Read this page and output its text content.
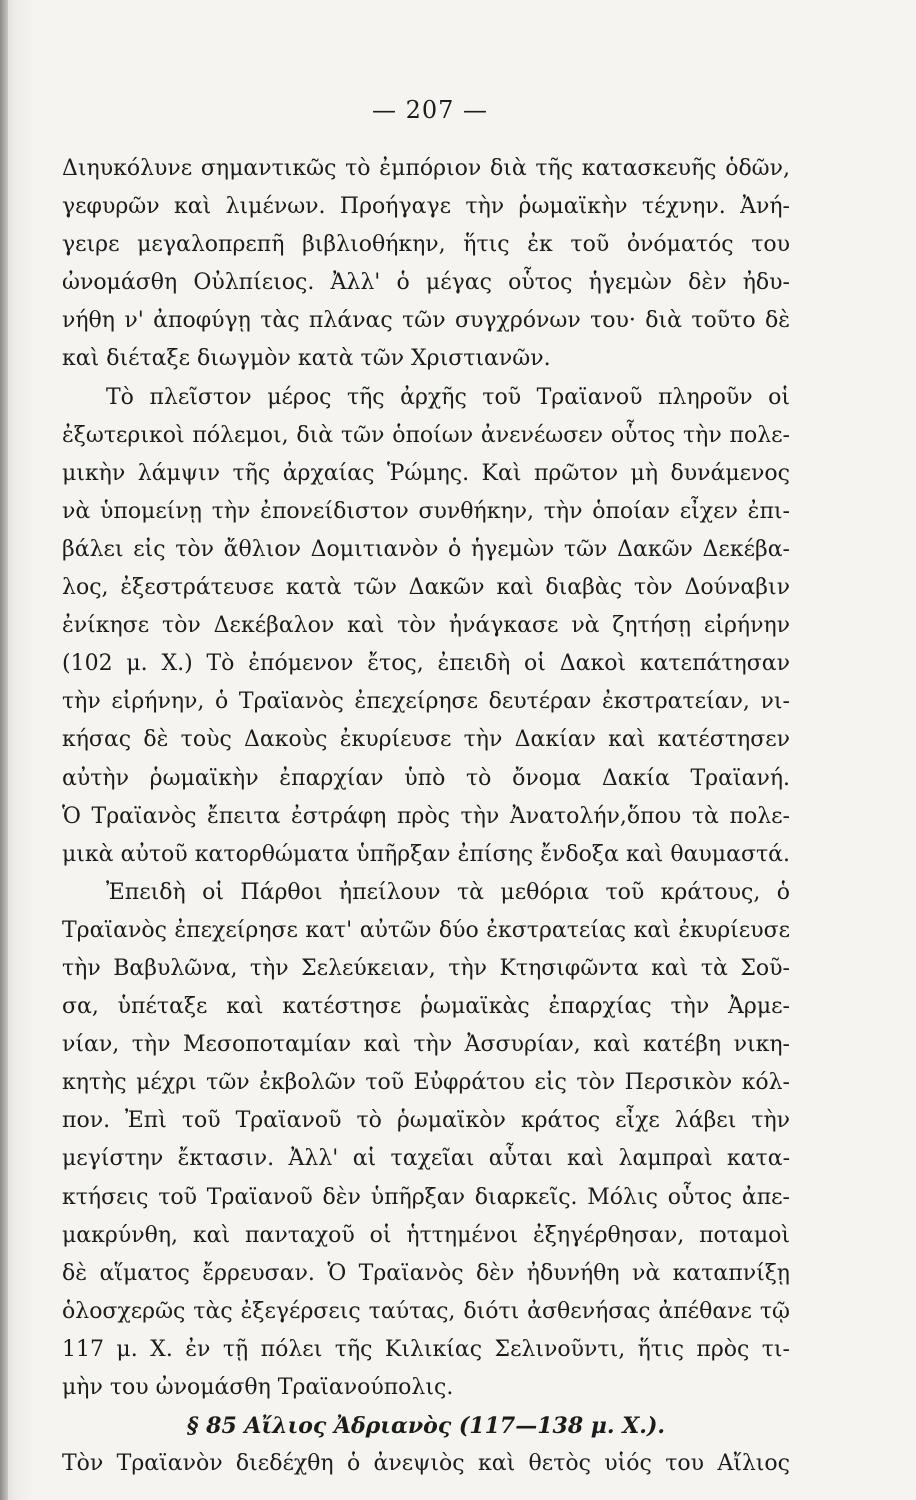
— 207 —
Διηυκόλυνε σημαντικῶς τὸ ἐμπόριον διὰ τῆς κατασκευῆς ὁδῶν,
γεφυρῶν καὶ λιμένων. Προήγαγε τὴν ῥωμαϊκὴν τέχνην. Ἀνή-
γειρε μεγαλοπρεπῆ βιβλιοθήκην, ἥτις ἐκ τοῦ ὀνόματός του
ὠνομάσθη Οὐλπίειος. Ἀλλ' ὁ μέγας οὗτος ἡγεμὼν δὲν ἠδυ-
νήθη ν' ἀποφύγῃ τὰς πλάνας τῶν συγχρόνων του· διὰ τοῦτο δὲ
καὶ διέταξε διωγμὸν κατὰ τῶν Χριστιανῶν.
Τὸ πλεῖστον μέρος τῆς ἀρχῆς τοῦ Τραϊανοῦ πληροῦν οἱ
ἐξωτερικοὶ πόλεμοι, διὰ τῶν ὁποίων ἀνενέωσεν οὗτος τὴν πολε-
μικὴν λάμψιν τῆς ἀρχαίας Ῥώμης. Καὶ πρῶτον μὴ δυνάμενος
νὰ ὑπομείνῃ τὴν ἐπονείδιστον συνθήκην, τὴν ὁποίαν εἶχεν ἐπι-
βάλει εἰς τὸν ἄθλιον Δομιτιανὸν ὁ ἡγεμὼν τῶν Δακῶν Δεκέβα-
λος, ἐξεστράτευσε κατὰ τῶν Δακῶν καὶ διαβὰς τὸν Δούναβιν
ἐνίκησε τὸν Δεκέβαλον καὶ τὸν ἠνάγκασε νὰ ζητήσῃ εἰρήνην
(102 μ. Χ.) Τὸ ἐπόμενον ἔτος, ἐπειδὴ οἱ Δακοὶ κατεπάτησαν
τὴν εἰρήνην, ὁ Τραϊανὸς ἐπεχείρησε δευτέραν ἐκστρατείαν, νι-
κήσας δὲ τοὺς Δακοὺς ἐκυρίευσε τὴν Δακίαν καὶ κατέστησεν
αὐτὴν ῥωμαϊκὴν ἐπαρχίαν ὑπὸ τὸ ὄνομα Δακία Τραϊανή.
Ὁ Τραϊανὸς ἔπειτα ἐστράφη πρὸς τὴν Ἀνατολήν,ὅπου τὰ πολε-
μικὰ αὐτοῦ κατορθώματα ὑπῆρξαν ἐπίσης ἔνδοξα καὶ θαυμαστά.
Ἐπειδὴ οἱ Πάρθοι ἠπείλουν τὰ μεθόρια τοῦ κράτους, ὁ
Τραϊανὸς ἐπεχείρησε κατ' αὐτῶν δύο ἐκστρατείας καὶ ἐκυρίευσε
τὴν Βαβυλῶνα, τὴν Σελεύκειαν, τὴν Κτησιφῶντα καὶ τὰ Σοῦ-
σα, ὑπέταξε καὶ κατέστησε ῥωμαϊκὰς ἐπαρχίας τὴν Ἀρμε-
νίαν, τὴν Μεσοποταμίαν καὶ τὴν Ἀσσυρίαν, καὶ κατέβη νικη-
κητὴς μέχρι τῶν ἐκβολῶν τοῦ Εὐφράτου εἰς τὸν Περσικὸν κόλ-
πον. Ἐπὶ τοῦ Τραϊανοῦ τὸ ῥωμαϊκὸν κράτος εἶχε λάβει τὴν
μεγίστην ἔκτασιν. Ἀλλ' αἱ ταχεῖαι αὗται καὶ λαμπραὶ κατα-
κτήσεις τοῦ Τραϊανοῦ δὲν ὑπῆρξαν διαρκεῖς. Μόλις οὗτος ἀπε-
μακρύνθη, καὶ πανταχοῦ οἱ ἡττημένοι ἐξηγέρθησαν, ποταμοὶ
δὲ αἵματος ἔρρευσαν. Ὁ Τραϊανὸς δὲν ἠδυνήθη νὰ καταπνίξῃ
ὁλοσχερῶς τὰς ἐξεγέρσεις ταύτας, διότι ἀσθενήσας ἀπέθανε τῷ
117 μ. Χ. ἐν τῇ πόλει τῆς Κιλικίας Σελινοῦντι, ἥτις πρὸς τι-
μὴν του ὠνομάσθη Τραϊανούπολις.
§ 85 Αἴλιος Ἀδριανὸς (117—138 μ. Χ.).
Τὸν Τραϊανὸν διεδέχθη ὁ ἀνεψιὸς καὶ θετὸς υἱός του Αἴλιος
